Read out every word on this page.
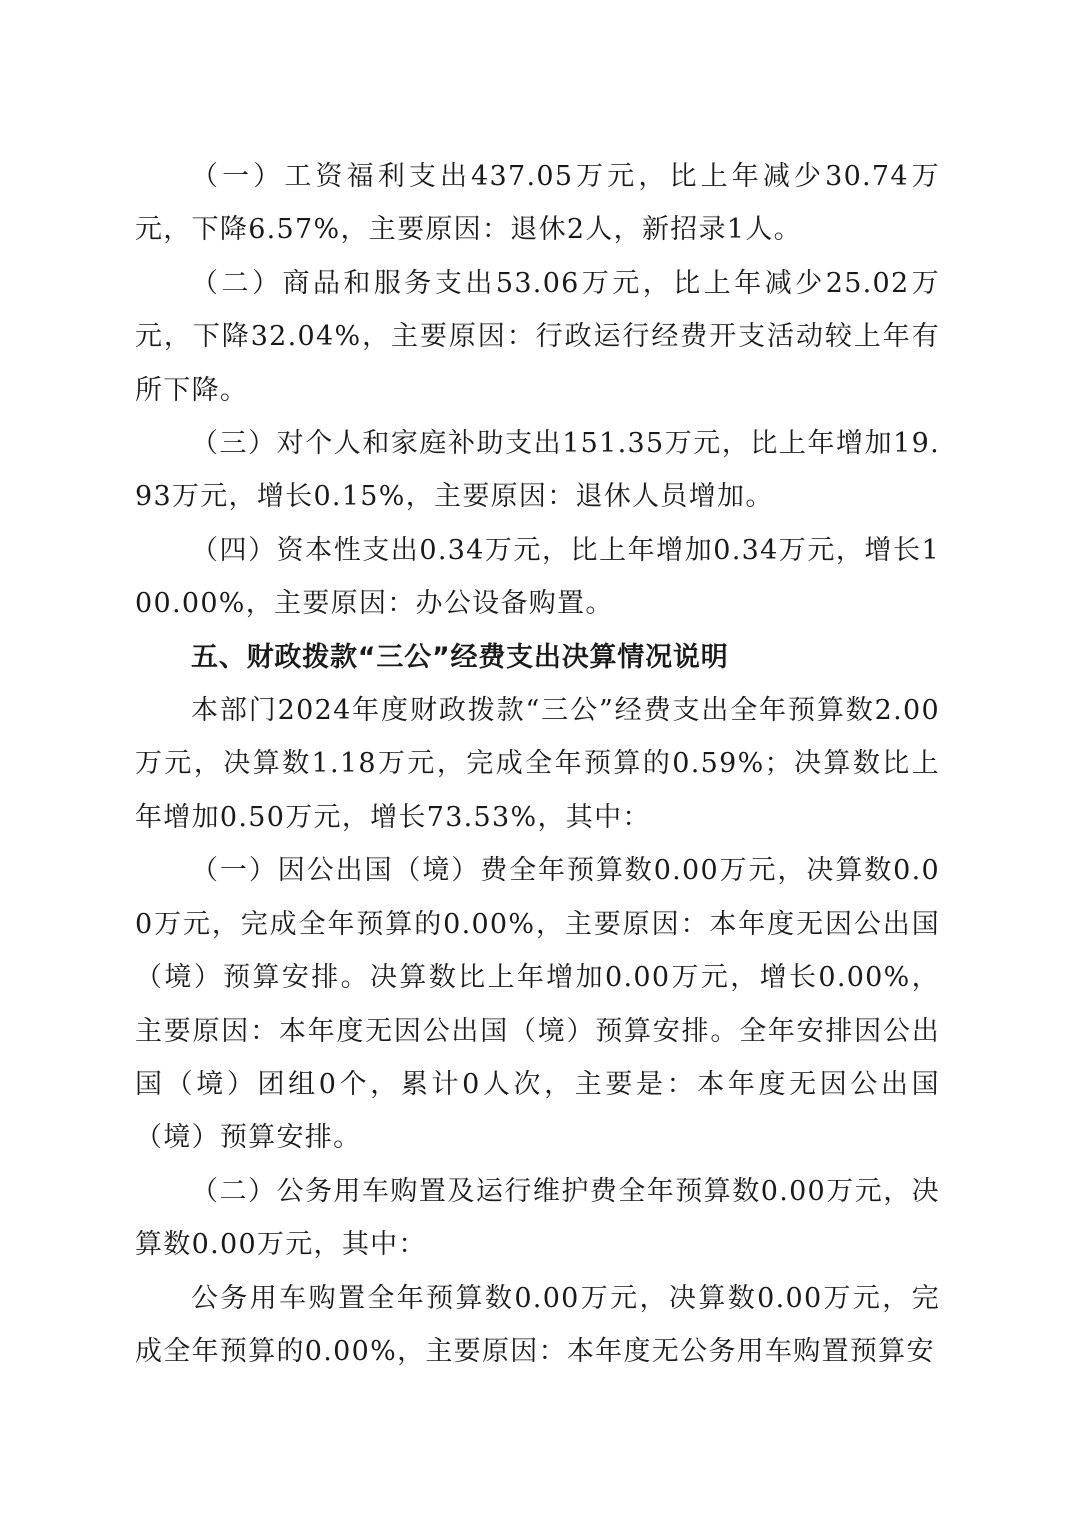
（一）工资福利支出437.05万元，比上年减少30.74万元，下降6.57%，主要原因：退休2人，新招录1人。

（二）商品和服务支出53.06万元，比上年减少25.02万元，下降32.04%，主要原因：行政运行经费开支活动较上年有所下降。

（三）对个人和家庭补助支出151.35万元，比上年增加19.93万元，增长0.15%，主要原因：退休人员增加。

（四）资本性支出0.34万元，比上年增加0.34万元，增长100.00%，主要原因：办公设备购置。

五、财政拨款“三公”经费支出决算情况说明

本部门2024年度财政拨款“三公”经费支出全年预算数2.00万元，决算数1.18万元，完成全年预算的0.59%；决算数比上年增加0.50万元，增长73.53%，其中：

（一）因公出国（境）费全年预算数0.00万元，决算数0.00万元，完成全年预算的0.00%，主要原因：本年度无因公出国（境）预算安排。决算数比上年增加0.00万元，增长0.00%，主要原因：本年度无因公出国（境）预算安排。全年安排因公出国（境）团组0个，累计0人次，主要是：本年度无因公出国（境）预算安排。

（二）公务用车购置及运行维护费全年预算数0.00万元，决算数0.00万元，其中：

公务用车购置全年预算数0.00万元，决算数0.00万元，完成全年预算的0.00%，主要原因：本年度无公务用车购置预算安
